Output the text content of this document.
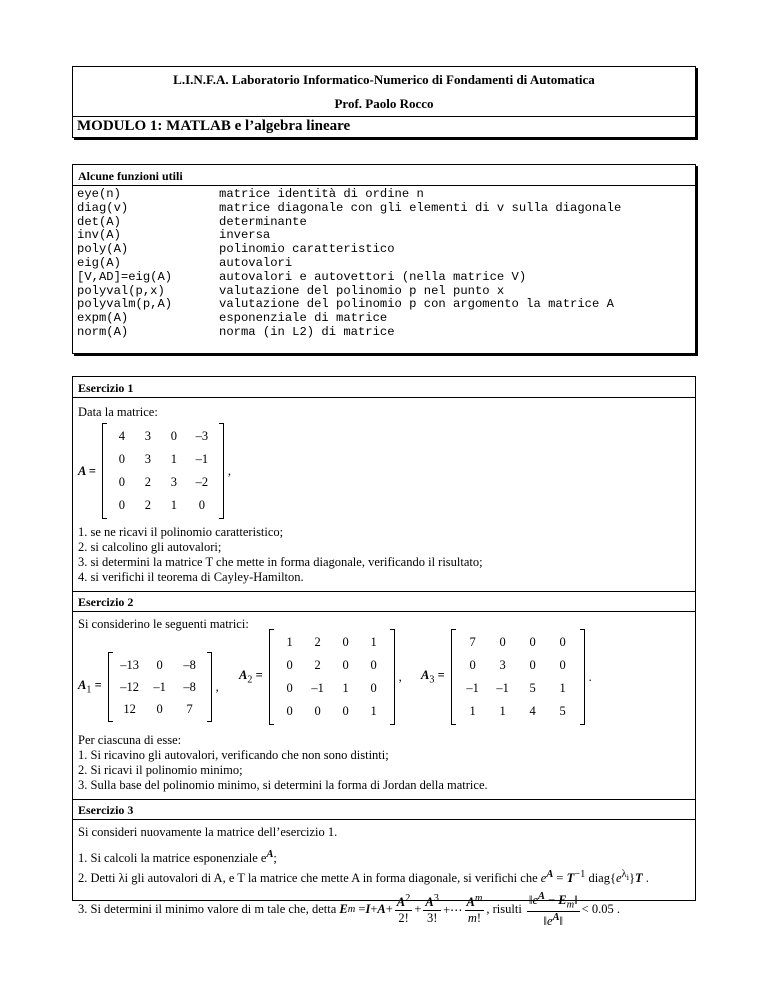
L.I.N.F.A. Laboratorio Informatico-Numerico di Fondamenti di Automatica
Prof. Paolo Rocco
MODULO 1: MATLAB e l’algebra lineare
Alcune funzioni utili
eye(n)	matrice identità di ordine n
diag(v)	matrice diagonale con gli elementi di v sulla diagonale
det(A)	determinante
inv(A)	inversa
poly(A)	polinomio caratteristico
eig(A)	autovalori
[V,AD]=eig(A)	autovalori e autovettori (nella matrice V)
polyval(p,x)	valutazione del polinomio p nel punto x
polyvalm(p,A)	valutazione del polinomio p con argomento la matrice A
expm(A)	esponenziale di matrice
norm(A)	norma (in L2) di matrice
Esercizio 1
Data la matrice:
A =
4	3	0	–3
0	3	1	–1
0	2	3	–2
0	2	1	0
,
1. se ne ricavi il polinomio caratteristico;
2. si calcolino gli autovalori;
3. si determini la matrice T che mette in forma diagonale, verificando il risultato;
4. si verifichi il teorema di Cayley-Hamilton.
Esercizio 2
Si considerino le seguenti matrici:
$A_1$ =
–13	0	–8
–12	–1	–8
12	0	7
,
$A_2$ =
1	2	0	1
0	2	0	0
0	–1	1	0
0	0	0	1
, $A_3$ =
7	0	0	0
0	3	0	0
–1	–1	5	1
1	1	4	5
.
Per ciascuna di esse:
1. Si ricavino gli autovalori, verificando che non sono distinti;
2. Si ricavi il polinomio minimo;
3. Sulla base del polinomio minimo, si determini la forma di Jordan della matrice.
Esercizio 3
Si consideri nuovamente la matrice dell’esercizio 1.
1. Si calcoli la matrice esponenziale $e^A$;
2. Detti λi gli autovalori di A, e T la matrice che mette A in forma diagonale, si verifichi che $e^A = T^{-1}$ $diag\{e^{\lambda_i}\}T$ .
3. Si determini il minimo valore di m tale che, detta
E $m = I + A + \frac{A^2}{2!} + \frac{A^3}{3!}$ +⋯ $\frac{A^m}{m!}$ , risulti
$\frac{‖e^A - E_m‖}{‖e^A‖} < 0.05$ .
